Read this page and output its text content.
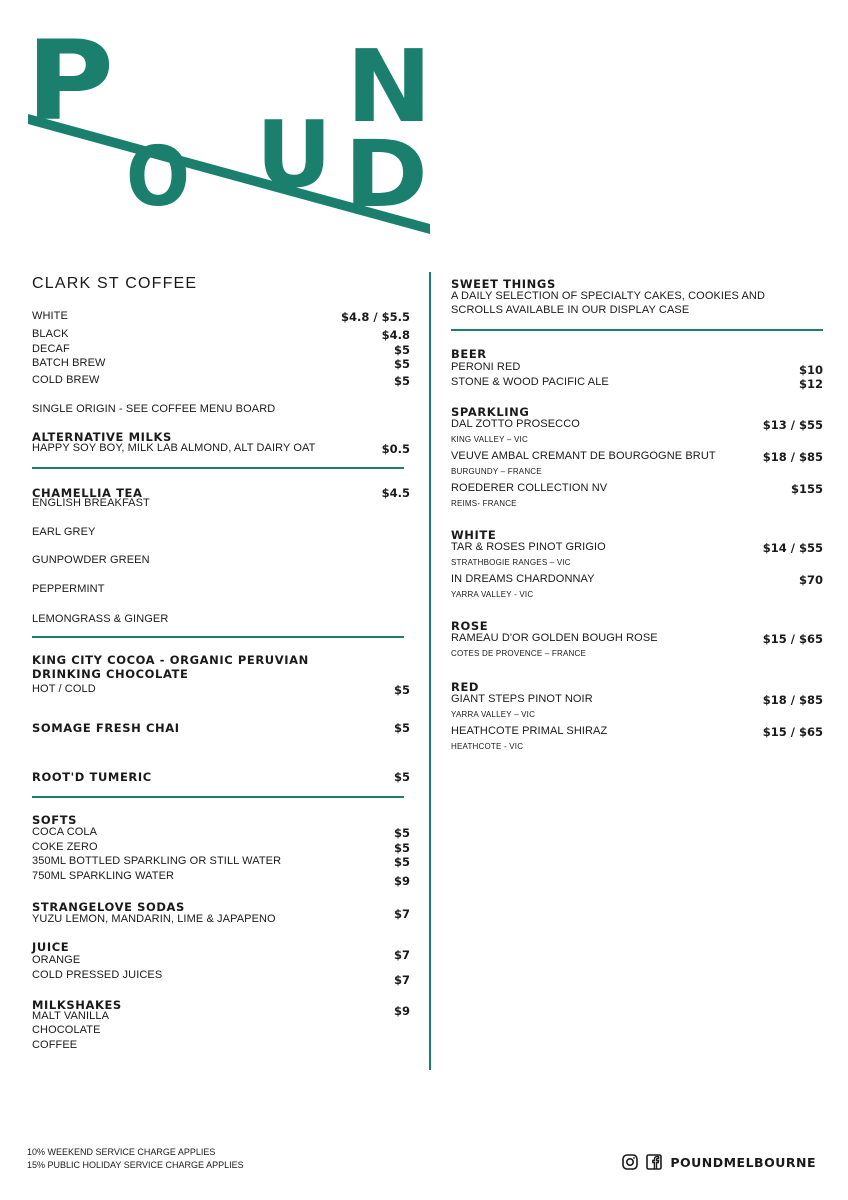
P
O U
N
D
CLARK ST COFFEE
WHITE	$4.8 / $5.5
BLACK	$4.8
DECAF	$5
BATCH BREW	$5
COLD BREW	$5
SINGLE ORIGIN - SEE COFFEE MENU BOARD
ALTERNATIVE MILKS
HAPPY SOY BOY, MILK LAB ALMOND, ALT DAIRY OAT	$0.5
CHAMELLIA TEA	$4.5
ENGLISH BREAKFAST
EARL GREY
GUNPOWDER GREEN
PEPPERMINT
LEMONGRASS & GINGER
KING CITY COCOA - ORGANIC PERUVIAN
DRINKING CHOCOLATE
HOT / COLD	$5
SOMAGE FRESH CHAI	$5
ROOT'D TUMERIC	$5
SOFTS
COCA COLA	$5
COKE ZERO	$5
350ML BOTTLED SPARKLING OR STILL WATER	$5
750ML SPARKLING WATER	$9
STRANGELOVE SODAS
YUZU LEMON, MANDARIN, LIME & JAPAPENO	$7
JUICE
ORANGE	$7
COLD PRESSED JUICES	$7
MILKSHAKES	$9
MALT VANILLA
CHOCOLATE
COFFEE
SWEET THINGS
A DAILY SELECTION OF SPECIALTY CAKES, COOKIES AND
SCROLLS AVAILABLE IN OUR DISPLAY CASE
BEER
PERONI RED	$10
STONE & WOOD PACIFIC ALE	$12
SPARKLING
DAL ZOTTO PROSECCO	$13 / $55
KING VALLEY – VIC
VEUVE AMBAL CREMANT DE BOURGOGNE BRUT	$18 / $85
BURGUNDY – FRANCE
ROEDERER COLLECTION NV	$155
REIMS- FRANCE
WHITE
TAR & ROSES PINOT GRIGIO	$14 / $55
STRATHBOGIE RANGES – VIC
IN DREAMS CHARDONNAY	$70
YARRA VALLEY - VIC
ROSE
RAMEAU D'OR GOLDEN BOUGH ROSE	$15 / $65
COTES DE PROVENCE – FRANCE
RED
GIANT STEPS PINOT NOIR	$18 / $85
YARRA VALLEY – VIC
HEATHCOTE PRIMAL SHIRAZ	$15 / $65
HEATHCOTE - VIC
10% WEEKEND SERVICE CHARGE APPLIES
15% PUBLIC HOLIDAY SERVICE CHARGE APPLIES	POUNDMELBOURNE
